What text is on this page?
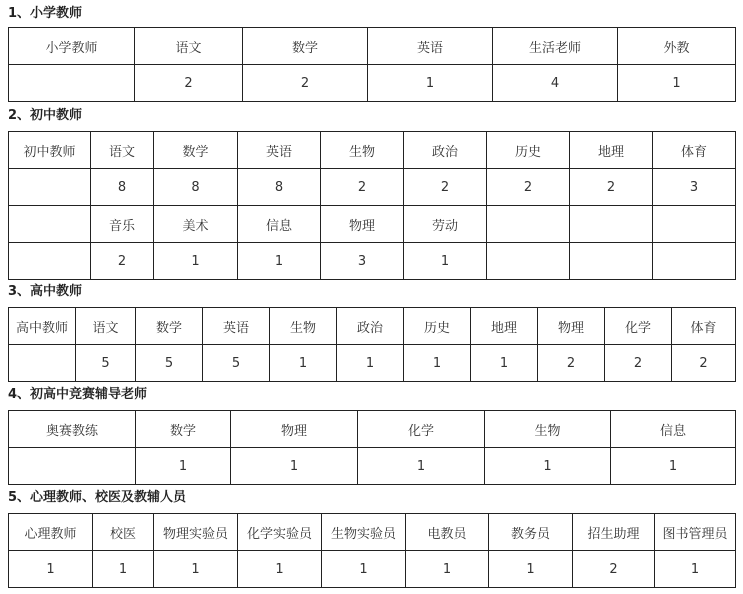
1、小学教师
小学教师	语文	数学	英语	生活老师	外教
	2	2	1	4	1
2、初中教师
初中教师	语文	数学	英语	生物	政治	历史	地理	体育
	8	8	8	2	2	2	2	3
	音乐	美术	信息	物理	劳动			
	2	1	1	3	1			
3、高中教师
高中教师	语文	数学	英语	生物	政治	历史	地理	物理	化学	体育
	5	5	5	1	1	1	1	2	2	2
4、初高中竞赛辅导老师
奥赛教练	数学	物理	化学	生物	信息
	1	1	1	1	1
5、心理教师、校医及教辅人员
心理教师	校医	物理实验员	化学实验员	生物实验员	电教员	教务员	招生助理	图书管理员
1	1	1	1	1	1	1	2	1
